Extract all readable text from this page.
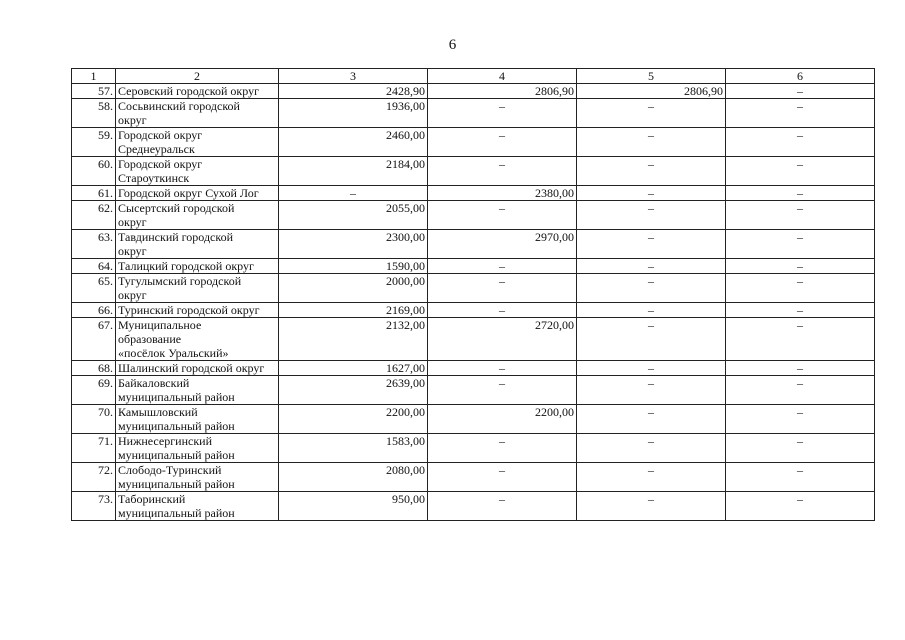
6
1	2	3	4	5	6
57.	Серовский городской округ	2428,90	2806,90	2806,90	–
58.	Сосьвинский городской
округ	1936,00	–	–	–
59.	Городской округ
Среднеуральск	2460,00	–	–	–
60.	Городской округ
Староуткинск	2184,00	–	–	–
61.	Городской округ Сухой Лог	–	2380,00	–	–
62.	Сысертский городской
округ	2055,00	–	–	–
63.	Тавдинский городской
округ	2300,00	2970,00	–	–
64.	Талицкий городской округ	1590,00	–	–	–
65.	Тугулымский городской
округ	2000,00	–	–	–
66.	Туринский городской округ	2169,00	–	–	–
67.	Муниципальное
образование
«посёлок Уральский»	2132,00	2720,00	–	–
68.	Шалинский городской округ	1627,00	–	–	–
69.	Байкаловский
муниципальный район	2639,00	–	–	–
70.	Камышловский
муниципальный район	2200,00	2200,00	–	–
71.	Нижнесергинский
муниципальный район	1583,00	–	–	–
72.	Слободо-Туринский
муниципальный район	2080,00	–	–	–
73.	Таборинский
муниципальный район	950,00	–	–	–
